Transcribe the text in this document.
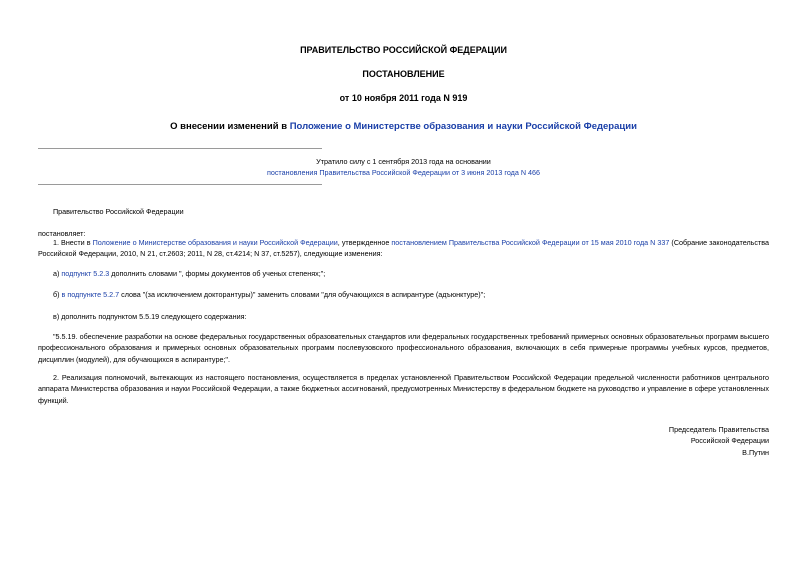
ПРАВИТЕЛЬСТВО РОССИЙСКОЙ ФЕДЕРАЦИИ
ПОСТАНОВЛЕНИЕ
от 10 ноября 2011 года N 919
О внесении изменений в Положение о Министерстве образования и науки Российской Федерации
Утратило силу с 1 сентября 2013 года на основании
постановления Правительства Российской Федерации от 3 июня 2013 года N 466
Правительство Российской Федерации
постановляет:
1. Внести в Положение о Министерстве образования и науки Российской Федерации, утвержденное постановлением Правительства Российской Федерации от 15 мая 2010 года N 337 (Собрание законодательства Российской Федерации, 2010, N 21, ст.2603; 2011, N 28, ст.4214; N 37, ст.5257), следующие изменения:
а) подпункт 5.2.3 дополнить словами ", формы документов об ученых степенях;";
б) в подпункте 5.2.7 слова "(за исключением докторантуры)" заменить словами "для обучающихся в аспирантуре (адъюнктуре)";
в) дополнить подпунктом 5.5.19 следующего содержания:
"5.5.19. обеспечение разработки на основе федеральных государственных образовательных стандартов или федеральных государственных требований примерных основных образовательных программ высшего профессионального образования и примерных основных образовательных программ послевузовского профессионального образования, включающих в себя примерные программы учебных курсов, предметов, дисциплин (модулей), для обучающихся в аспирантуре;".
2. Реализация полномочий, вытекающих из настоящего постановления, осуществляется в пределах установленной Правительством Российской Федерации предельной численности работников центрального аппарата Министерства образования и науки Российской Федерации, а также бюджетных ассигнований, предусмотренных Министерству в федеральном бюджете на руководство и управление в сфере установленных функций.
Председатель Правительства
Российской Федерации
В.Путин
